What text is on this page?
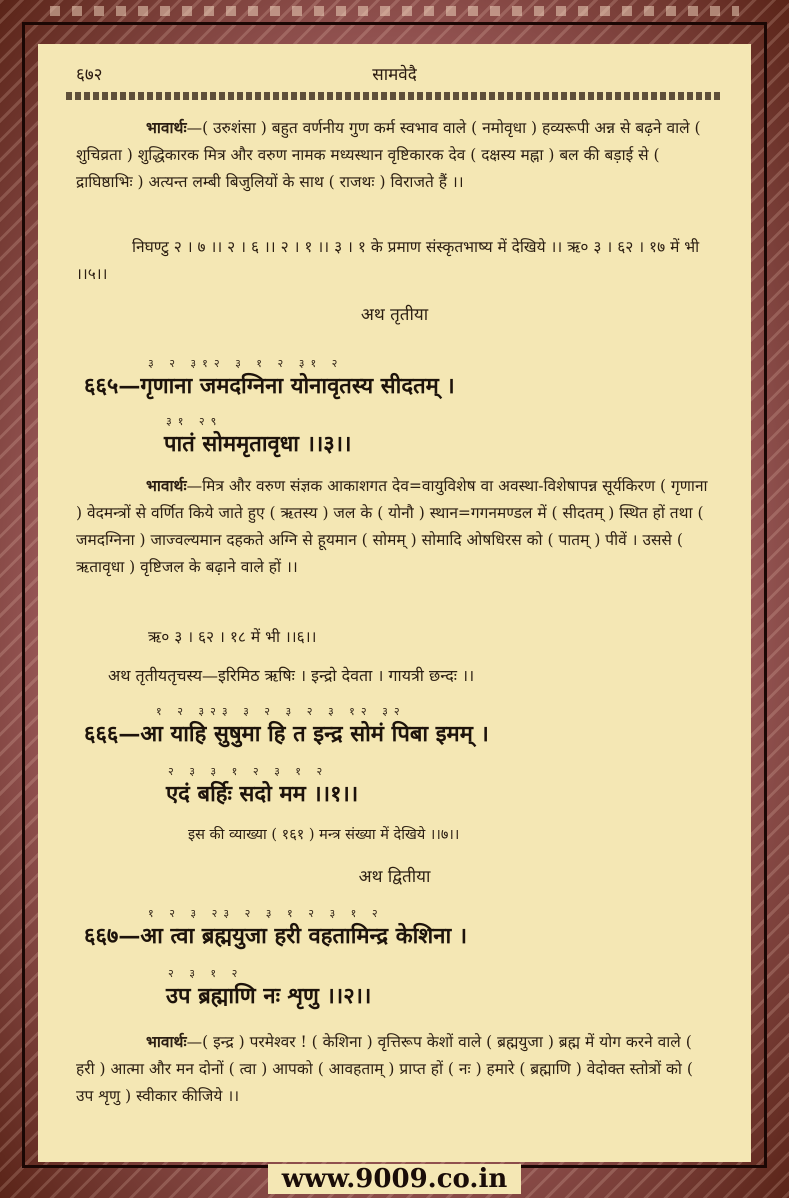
६७२	सामवेदै
भावार्थः—( उरुशंसा ) बहुत वर्णनीय गुण कर्म स्वभाव वाले ( नमोवृधा ) हव्यरूपी अन्न से बढ़ने वाले ( शुचिव्रता ) शुद्धिकारक मित्र और वरुण नामक मध्यस्थान वृष्टिकारक देव ( दक्षस्य मह्ना ) बल की बड़ाई से ( द्राघिष्ठाभिः ) अत्यन्त लम्बी बिजुलियों के साथ ( राजथः ) विराजते हैं ।।
निघण्टु २ । ७ ।। २ । ६ ।। २ । १ ।। ३ । १ के प्रमाण संस्कृतभाष्य में देखिये ।। ऋ० ३ । ६२ । १७ में भी ।।५।।
अथ तृतीया
३ २ ३१२ ३ १ २ ३१ २
६६५—गृणाना जमदग्निना योनावृतस्य सीदतम् ।
३१ २९
पातं सोममृतावृधा ।।३।।
भावार्थः—मित्र और वरुण संज्ञक आकाशगत देव=वायुविशेष वा अवस्था-विशेषापन्न सूर्यकिरण ( गृणाना ) वेदमन्त्रों से वर्णित किये जाते हुए ( ऋतस्य ) जल के ( योनौ ) स्थान=गगनमण्डल में ( सीदतम् ) स्थित हों तथा ( जमदग्निना ) जाज्वल्यमान दहकते अग्नि से हूयमान ( सोमम् ) सोमादि ओषधिरस को ( पातम् ) पीवें । उससे ( ऋतावृधा ) वृष्टिजल के बढ़ाने वाले हों ।।
ऋ० ३ । ६२ । १८ में भी ।।६।।
अथ तृतीयतृचस्य—इरिमिठ ऋषिः । इन्द्रो देवता । गायत्री छन्दः ।।
१ २ ३२३ ३ २ ३ २ ३ १२ ३२
६६६—आ याहि सुषुमा हि त इन्द्र सोमं पिबा इमम् ।
२ ३ ३ १ २ ३ १ २
एदं बर्हिः सदो मम ।।१।।
इस की व्याख्या ( १६१ ) मन्त्र संख्या में देखिये ।।७।।
अथ द्वितीया
१ २ ३ २३ २ ३ १ २ ३ १ २
६६७—आ त्वा ब्रह्मयुजा हरी वहतामिन्द्र केशिना ।
२ ३ १ २
उप ब्रह्माणि नः शृणु ।।२।।
भावार्थः—( इन्द्र ) परमेश्वर ! ( केशिना ) वृत्तिरूप केशों वाले ( ब्रह्मयुजा ) ब्रह्म में योग करने वाले ( हरी ) आत्मा और मन दोनों ( त्वा ) आपको ( आवहताम् ) प्राप्त हों ( नः ) हमारे ( ब्रह्माणि ) वेदोक्त स्तोत्रों को ( उप शृणु ) स्वीकार कीजिये ।।
www.9009.co.in
